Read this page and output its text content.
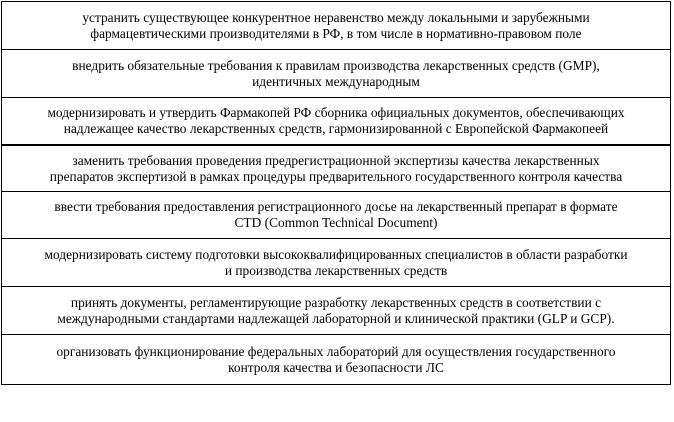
устранить существующее конкурентное неравенство между локальными и зарубежными
фармацевтическими производителями в РФ, в том числе в нормативно-правовом поле
внедрить обязательные требования к правилам производства лекарственных средств (GMP),
идентичных международным
модернизировать и утвердить Фармакопей РФ сборника официальных документов, обеспечивающих
надлежащее качество лекарственных средств, гармонизированной с Европейской Фармакопеей
заменить требования проведения предрегистрационной экспертизы качества лекарственных
препаратов экспертизой в рамках процедуры предварительного государственного контроля качества
ввести требования предоставления регистрационного досье на лекарственный препарат в формате
CTD (Common Technical Document)
модернизировать систему подготовки высококвалифицированных специалистов в области разработки
и производства лекарственных средств
принять документы, регламентирующие разработку лекарственных средств в соответствии с
международными стандартами надлежащей лабораторной и клинической практики (GLP и GCP).
организовать функционирование федеральных лабораторий для осуществления государственного
контроля качества и безопасности ЛС
